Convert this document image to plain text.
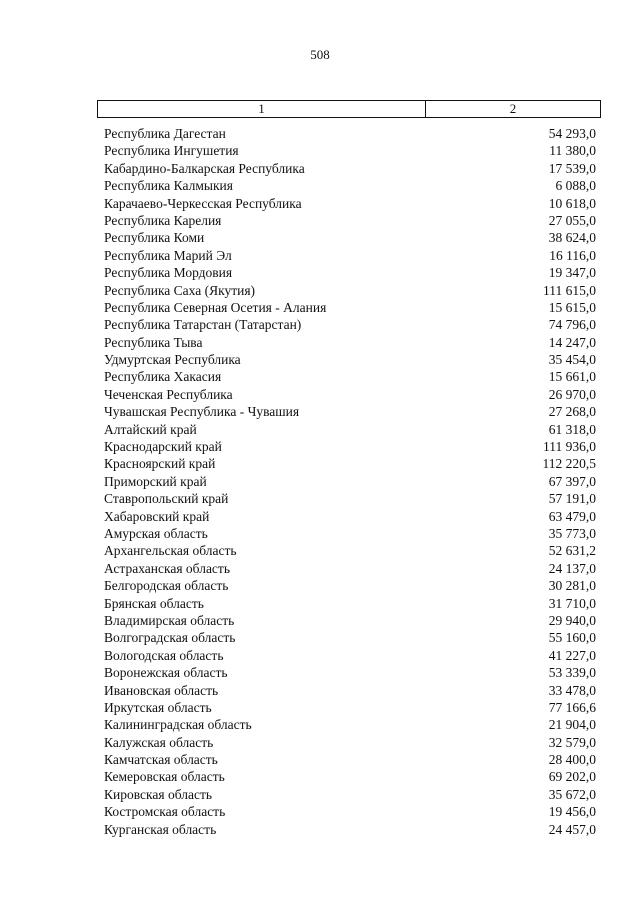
508
1	2
Республика Дагестан	54 293,0
Республика Ингушетия	11 380,0
Кабардино-Балкарская Республика	17 539,0
Республика Калмыкия	6 088,0
Карачаево-Черкесская Республика	10 618,0
Республика Карелия	27 055,0
Республика Коми	38 624,0
Республика Марий Эл	16 116,0
Республика Мордовия	19 347,0
Республика Саха (Якутия)	111 615,0
Республика Северная Осетия - Алания	15 615,0
Республика Татарстан (Татарстан)	74 796,0
Республика Тыва	14 247,0
Удмуртская Республика	35 454,0
Республика Хакасия	15 661,0
Чеченская Республика	26 970,0
Чувашская Республика - Чувашия	27 268,0
Алтайский край	61 318,0
Краснодарский край	111 936,0
Красноярский край	112 220,5
Приморский край	67 397,0
Ставропольский край	57 191,0
Хабаровский край	63 479,0
Амурская область	35 773,0
Архангельская область	52 631,2
Астраханская область	24 137,0
Белгородская область	30 281,0
Брянская область	31 710,0
Владимирская область	29 940,0
Волгоградская область	55 160,0
Вологодская область	41 227,0
Воронежская область	53 339,0
Ивановская область	33 478,0
Иркутская область	77 166,6
Калининградская область	21 904,0
Калужская область	32 579,0
Камчатская область	28 400,0
Кемеровская область	69 202,0
Кировская область	35 672,0
Костромская область	19 456,0
Курганская область	24 457,0
